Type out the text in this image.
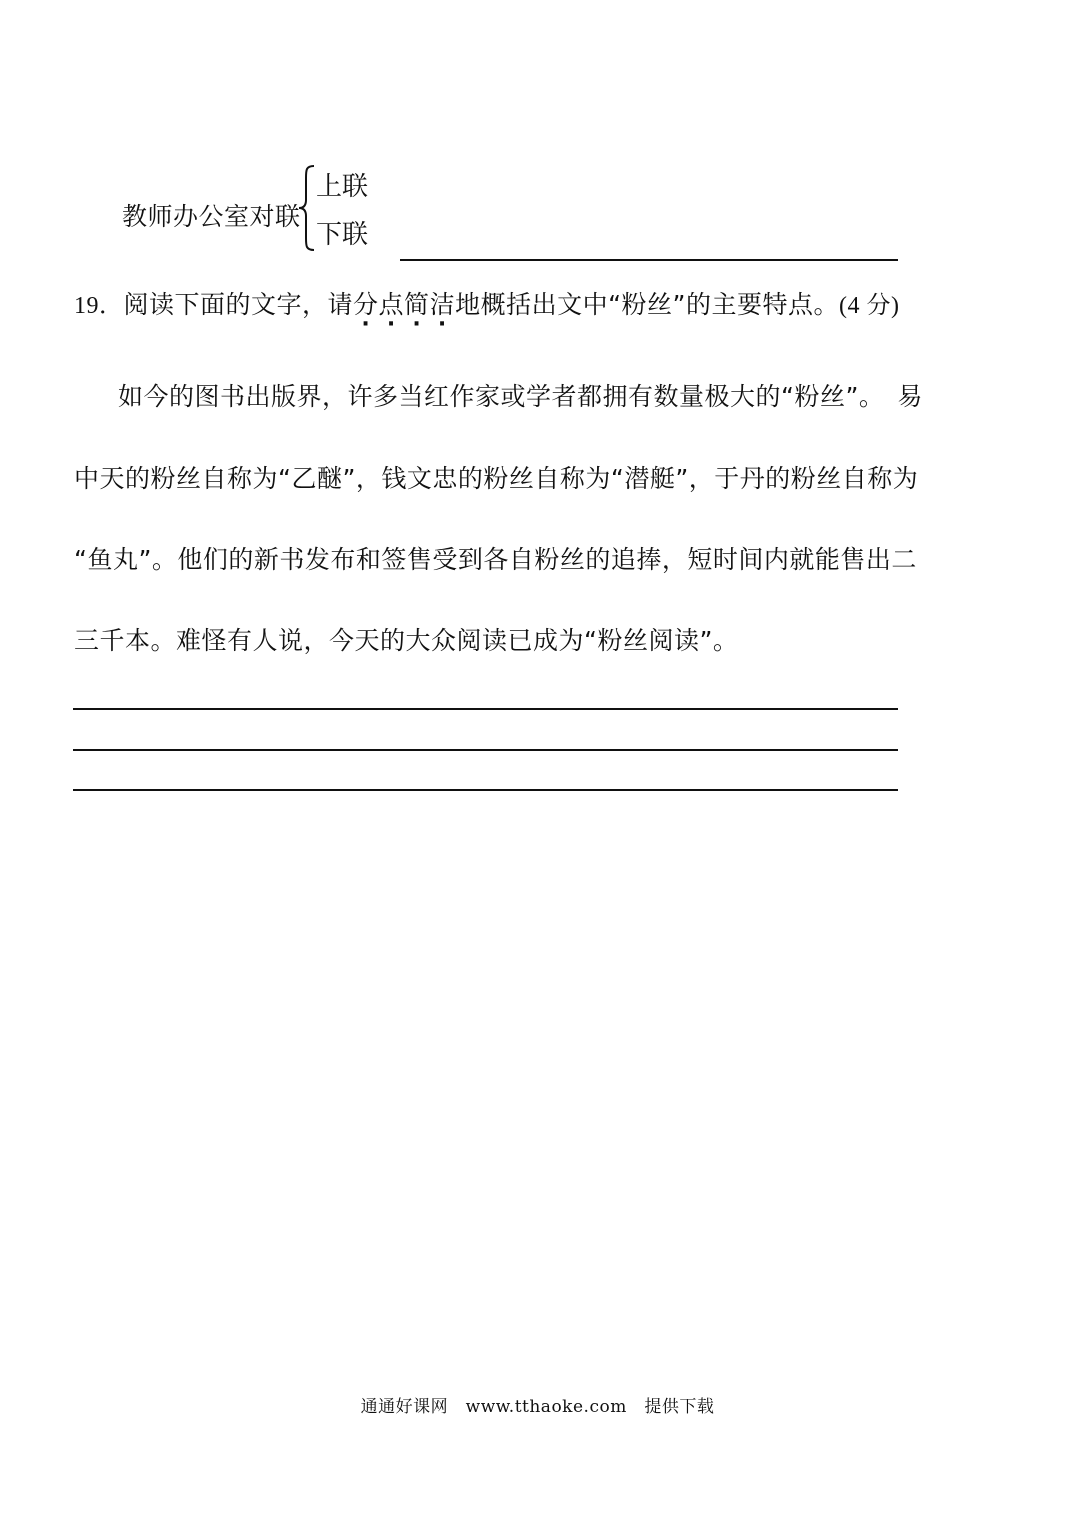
教师办公室对联
上联
下联
19．阅读下面的文字，请分点简洁地概括出文中“粉丝”的主要特点。(4 分)
如今的图书出版界，许多当红作家或学者都拥有数量极大的“粉丝”。　易
中天的粉丝自称为“乙醚”，钱文忠的粉丝自称为“潜艇”，于丹的粉丝自称为
“鱼丸”。他们的新书发布和签售受到各自粉丝的追捧，短时间内就能售出二
三千本。难怪有人说，今天的大众阅读已成为“粉丝阅读”。
通通好课网　www.tthaoke.com　提供下载
